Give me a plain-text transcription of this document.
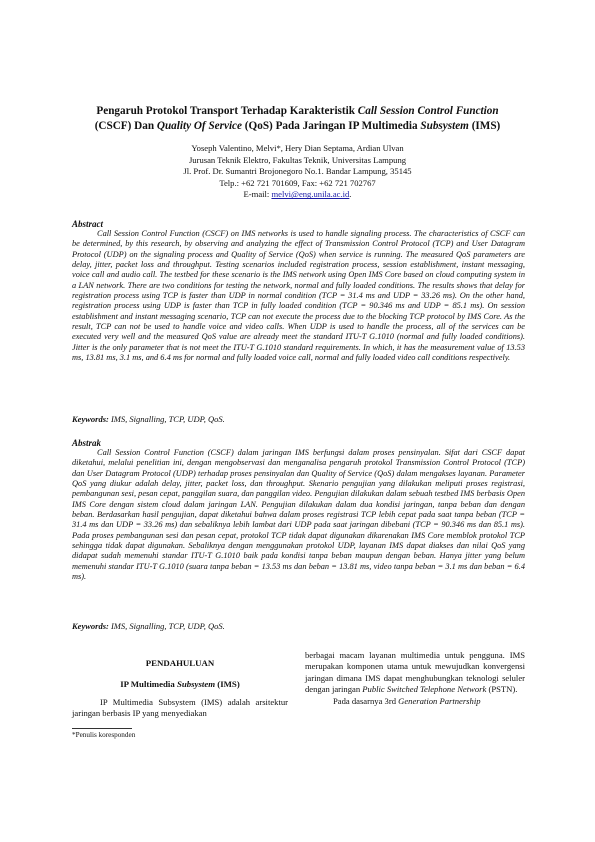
Pengaruh Protokol Transport Terhadap Karakteristik Call Session Control Function
(CSCF) Dan Quality Of Service (QoS) Pada Jaringan IP Multimedia Subsystem (IMS)
Yoseph Valentino, Melvi*, Hery Dian Septama, Ardian Ulvan
Jurusan Teknik Elektro, Fakultas Teknik, Universitas Lampung
Jl. Prof. Dr. Sumantri Brojonegoro No.1. Bandar Lampung, 35145
Telp.: +62 721 701609, Fax: +62 721 702767
E-mail: melvi@eng.unila.ac.id.
Abstract
Call Session Control Function (CSCF) on IMS networks is used to handle signaling process. The characteristics of CSCF can be determined, by this research, by observing and analyzing the effect of Transmission Control Protocol (TCP) and User Datagram Protocol (UDP) on the signaling process and Quality of Service (QoS) when service is running. The measured QoS parameters are delay, jitter, packet loss and throughput. Testing scenarios included registration process, session establishment, instant messaging, voice call and audio call. The testbed for these scenario is the IMS network using Open IMS Core based on cloud computing system in a LAN network. There are two conditions for testing the network, normal and fully loaded conditions. The results shows that delay for registration process using TCP is faster than UDP in normal condition (TCP = 31.4 ms and UDP = 33.26 ms). On the other hand, registration process using UDP is faster than TCP in fully loaded condition (TCP = 90.346 ms and UDP = 85.1 ms). On session establishment and instant messaging scenario, TCP can not execute the process due to the blocking TCP protocol by IMS Core. As the result, TCP can not be used to handle voice and video calls. When UDP is used to handle the process, all of the services can be executed very well and the measured QoS value are already meet the standard ITU-T G.1010 (normal and fully loaded conditions). Jitter is the only parameter that is not meet the ITU-T G.1010 standard requirements. In which, it has the measurement value of 13.53 ms, 13.81 ms, 3.1 ms, and 6.4 ms for normal and fully loaded voice call, normal and fully loaded video call conditions respectively.
Keywords: IMS, Signalling, TCP, UDP, QoS.
Abstrak
Call Session Control Function (CSCF) dalam jaringan IMS berfungsi dalam proses pensinyalan. Sifat dari CSCF dapat diketahui, melalui penelitian ini, dengan mengobservasi dan menganalisa pengaruh protokol Transmission Control Protocol (TCP) dan User Datagram Protocol (UDP) terhadap proses pensinyalan dan Quality of Service (QoS) dalam mengakses layanan. Parameter QoS yang diukur adalah delay, jitter, packet loss, dan throughput. Skenario pengujian yang dilakukan meliputi proses registrasi, pembangunan sesi, pesan cepat, panggilan suara, dan panggilan video. Pengujian dilakukan dalam sebuah testbed IMS berbasis Open IMS Core dengan sistem cloud dalam jaringan LAN. Pengujian dilakukan dalam dua kondisi jaringan, tanpa beban dan dengan beban. Berdasarkan hasil pengujian, dapat diketahui bahwa dalam proses registrasi TCP lebih cepat pada saat tanpa beban (TCP = 31.4 ms dan UDP = 33.26 ms) dan sebaliknya lebih lambat dari UDP pada saat jaringan dibebani (TCP = 90.346 ms dan 85.1 ms). Pada proses pembangunan sesi dan pesan cepat, protokol TCP tidak dapat digunakan dikarenakan IMS Core memblok protokol TCP sehingga tidak dapat digunakan. Sebaliknya dengan menggunakan protokol UDP, layanan IMS dapat diakses dan nilai QoS yang didapat sudah memenuhi standar ITU-T G.1010 baik pada kondisi tanpa beban maupun dengan beban. Hanya jitter yang belum memenuhi standar ITU-T G.1010 (suara tanpa beban = 13.53 ms dan beban = 13.81 ms, video tanpa beban = 3.1 ms dan beban = 6.4 ms).
Keywords: IMS, Signalling, TCP, UDP, QoS.
PENDAHULUAN
IP Multimedia Subsystem (IMS)
IP Multimedia Subsystem (IMS) adalah arsitektur jaringan berbasis IP yang menyediakan

berbagai macam layanan multimedia untuk pengguna. IMS merupakan komponen utama untuk mewujudkan konvergensi jaringan dimana IMS dapat menghubungkan teknologi seluler dengan jaringan Public Switched Telephone Network (PSTN).

Pada dasarnya 3rd Generation Partnership

*Penulis koresponden
